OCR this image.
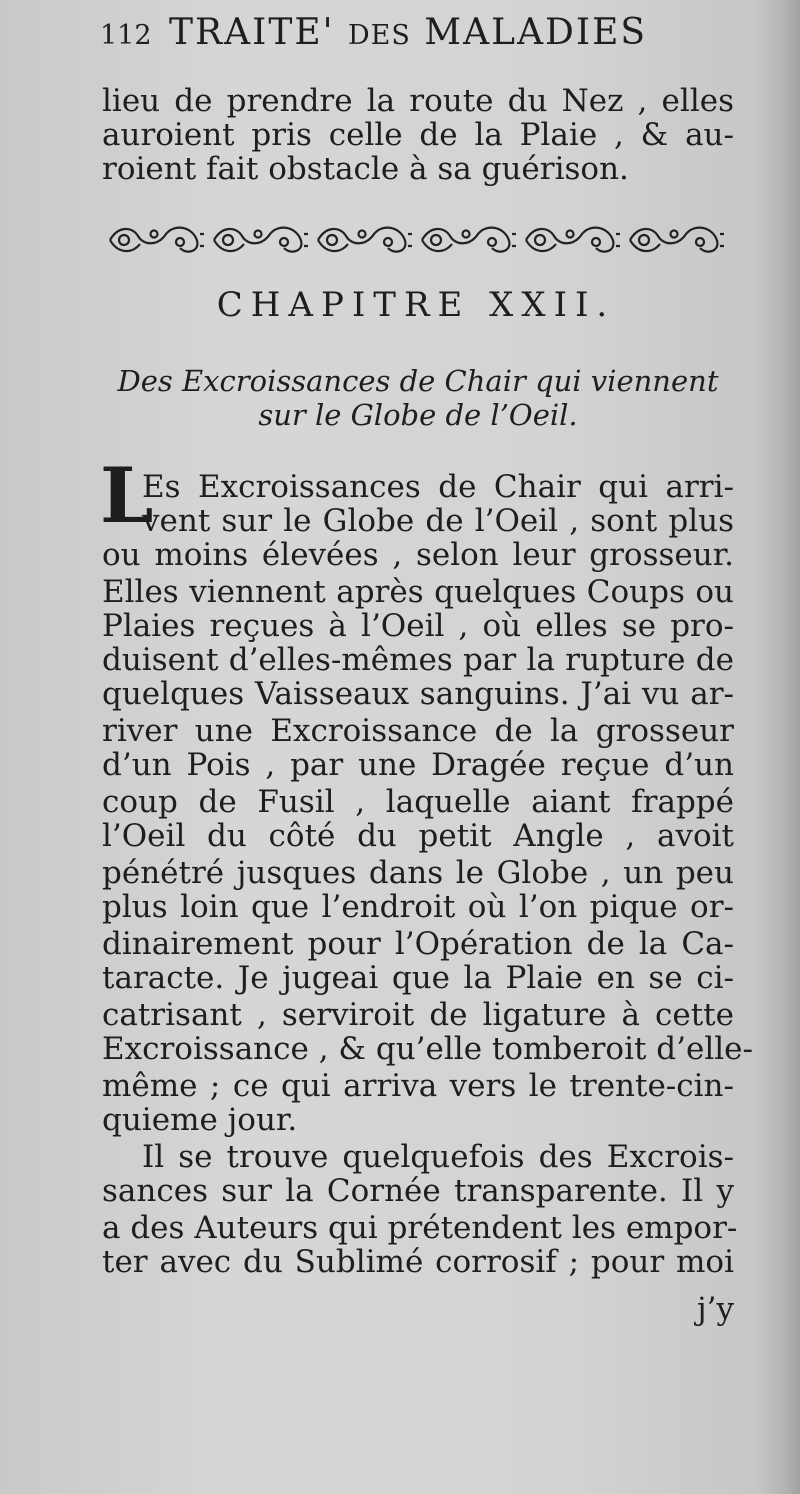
112 TRAITE' DES MALADIES
lieu de prendre la route du Nez , elles
auroient pris celle de la Plaie , & au-
roient fait obstacle à sa guérison.
CHAPITRE XXII.
Des Excroissances de Chair qui viennent
sur le Globe de l’Oeil.
L
Es Excroissances de Chair qui arri-
vent sur le Globe de l’Oeil , sont plus
ou moins élevées , selon leur grosseur.
Elles viennent après quelques Coups ou
Plaies reçues à l’Oeil , où elles se pro-
duisent d’elles-mêmes par la rupture de
quelques Vaisseaux sanguins. J’ai vu ar-
river une Excroissance de la grosseur
d’un Pois , par une Dragée reçue d’un
coup de Fusil , laquelle aiant frappé
l’Oeil du côté du petit Angle , avoit
pénétré jusques dans le Globe , un peu
plus loin que l’endroit où l’on pique or-
dinairement pour l’Opération de la Ca-
taracte. Je jugeai que la Plaie en se ci-
catrisant , serviroit de ligature à cette
Excroissance , & qu’elle tomberoit d’elle-
même ; ce qui arriva vers le trente-cin-
quieme jour.
Il se trouve quelquefois des Excrois-
sances sur la Cornée transparente. Il y
a des Auteurs qui prétendent les empor-
ter avec du Sublimé corrosif ; pour moi
j’y
